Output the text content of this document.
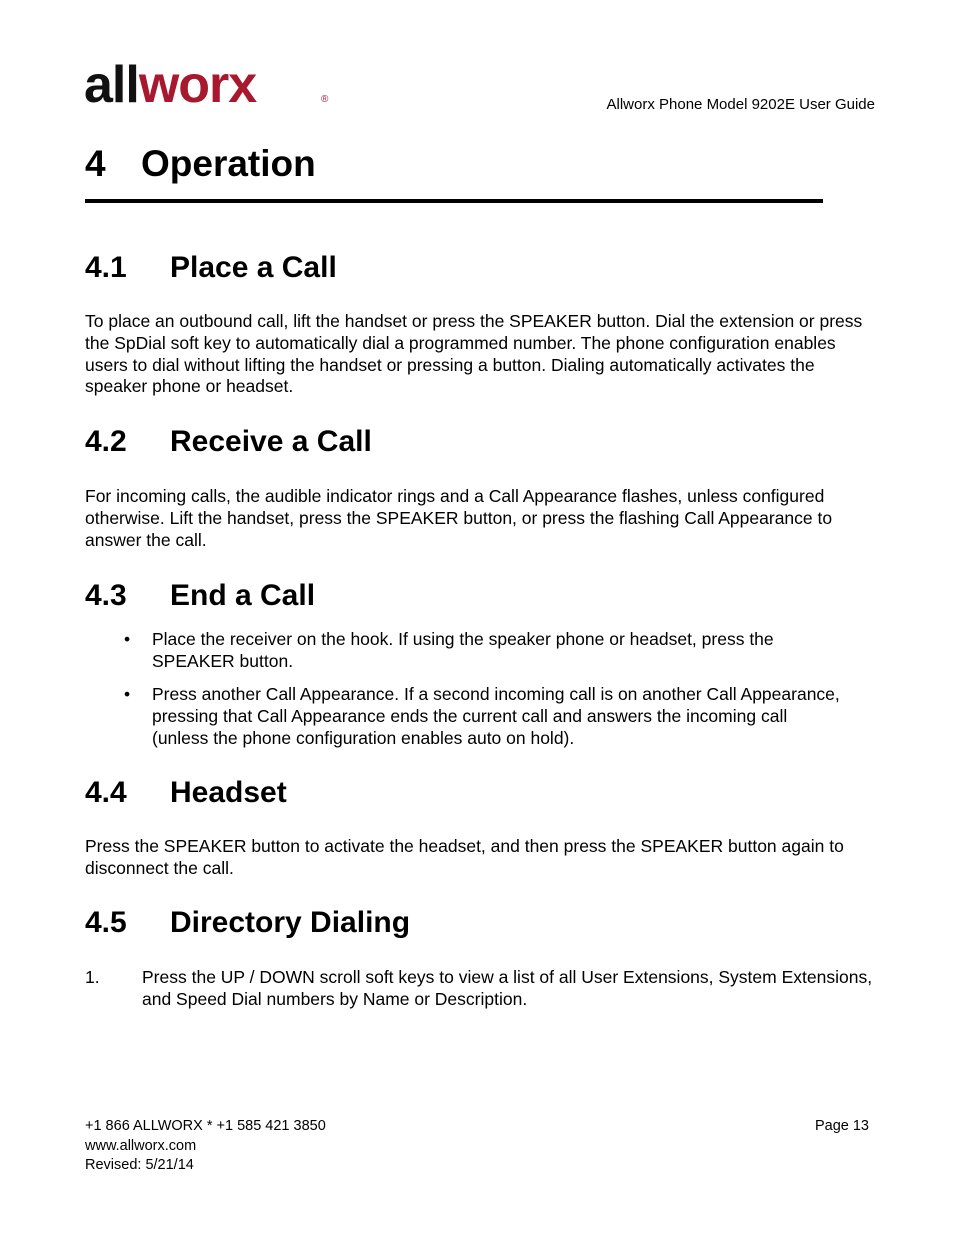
allworx	®	Allworx Phone Model 9202E User Guide
4 Operation
4.1 Place a Call
To place an outbound call, lift the handset or press the SPEAKER button. Dial the extension or press the SpDial soft key to automatically dial a programmed number. The phone configuration enables users to dial without lifting the handset or pressing a button. Dialing automatically activates the speaker phone or headset.
4.2 Receive a Call
For incoming calls, the audible indicator rings and a Call Appearance flashes, unless configured otherwise. Lift the handset, press the SPEAKER button, or press the flashing Call Appearance to answer the call.
4.3 End a Call
• Place the receiver on the hook. If using the speaker phone or headset, press the SPEAKER button.
• Press another Call Appearance. If a second incoming call is on another Call Appearance, pressing that Call Appearance ends the current call and answers the incoming call (unless the phone configuration enables auto on hold).
4.4 Headset
Press the SPEAKER button to activate the headset, and then press the SPEAKER button again to disconnect the call.
4.5 Directory Dialing
1. Press the UP / DOWN scroll soft keys to view a list of all User Extensions, System Extensions, and Speed Dial numbers by Name or Description.
+1 866 ALLWORX * +1 585 421 3850
www.allworx.com
Revised: 5/21/14
Page 13
